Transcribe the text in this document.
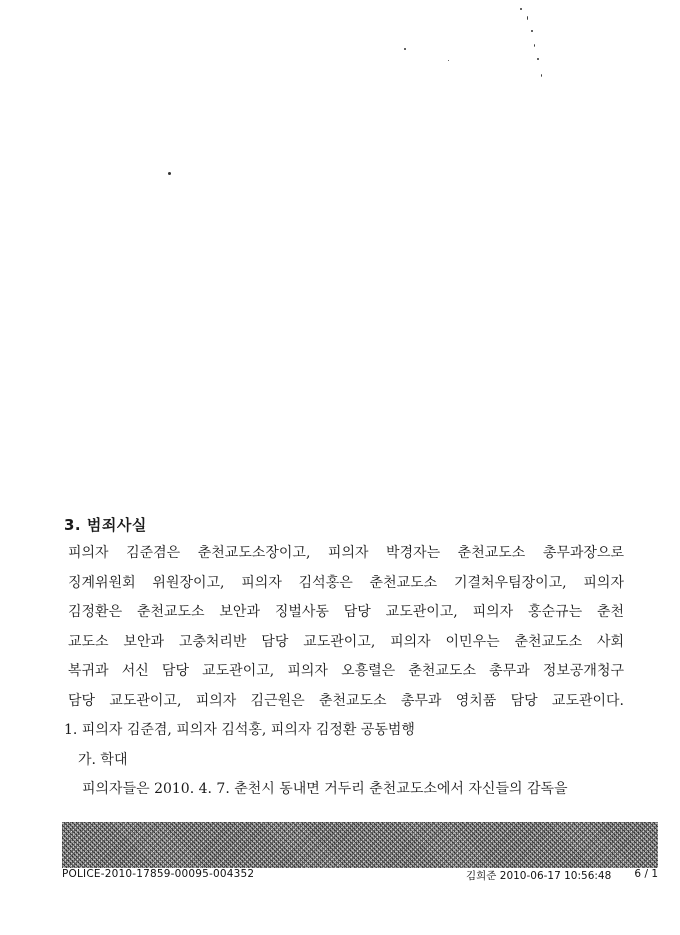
3. 범죄사실
피의자 김준겸은 춘천교도소장이고, 피의자 박경자는 춘천교도소 총무과장으로
징계위원회 위원장이고, 피의자 김석홍은 춘천교도소 기결처우팀장이고, 피의자
김정환은 춘천교도소 보안과 징벌사동 담당 교도관이고, 피의자 홍순규는 춘천
교도소 보안과 고충처리반 담당 교도관이고, 피의자 이민우는 춘천교도소 사회
복귀과 서신 담당 교도관이고, 피의자 오흥렬은 춘천교도소 총무과 정보공개청구
담당 교도관이고, 피의자 김근원은 춘천교도소 총무과 영치품 담당 교도관이다.
1. 피의자 김준겸, 피의자 김석홍, 피의자 김정환 공동범행
가. 학대
피의자들은 2010. 4. 7. 춘천시 동내면 거두리 춘천교도소에서 자신들의 감독을
POLICE-2010-17859-00095-004352	김희준 2010-06-17 10:56:48 6 / 1
